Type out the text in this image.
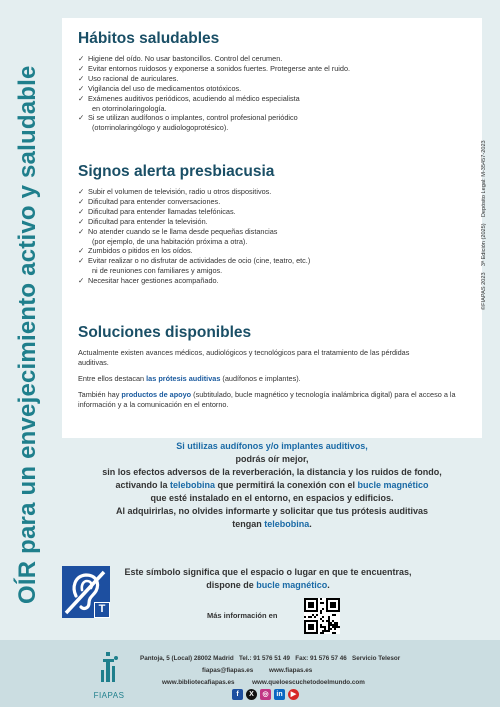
OÍR para un envejecimiento activo y saludable
Hábitos saludables
✓ Higiene del oído. No usar bastoncillos. Control del cerumen.
✓ Evitar entornos ruidosos y exponerse a sonidos fuertes. Protegerse ante el ruido.
✓ Uso racional de auriculares.
✓ Vigilancia del uso de medicamentos ototóxicos.
✓ Exámenes auditivos periódicos, acudiendo al médico especialista
en otorrinolaringología.
✓ Si se utilizan audífonos o implantes, control profesional periódico
(otorrinolaringólogo y audiologoprotésico).
Signos alerta presbiacusia
✓ Subir el volumen de televisión, radio u otros dispositivos.
✓ Dificultad para entender conversaciones.
✓ Dificultad para entender llamadas telefónicas.
✓ Dificultad para entender la televisión.
✓ No atender cuando se le llama desde pequeñas distancias
(por ejemplo, de una habitación próxima a otra).
✓ Zumbidos o pitidos en los oídos.
✓ Evitar realizar o no disfrutar de actividades de ocio (cine, teatro, etc.)
ni de reuniones con familiares y amigos.
✓ Necesitar hacer gestiones acompañado.
Soluciones disponibles

Actualmente existen avances médicos, audiológicos y tecnológicos para el tratamiento de las pérdidas auditivas.

Entre ellos destacan las prótesis auditivas (audífonos e implantes).

También hay productos de apoyo (subtitulado, bucle magnético y tecnología inalámbrica digital) para el acceso a la información y a la comunicación en el entorno.

©FIAPAS 2023    3ª Edición (2025)    Depósito Legal: M-35457-2023
Si utilizas audífonos y/o implantes auditivos,
podrás oír mejor,
sin los efectos adversos de la reverberación, la distancia y los ruidos de fondo,
activando la telebobina que permitirá la conexión con el bucle magnético
que esté instalado en el entorno, en espacios y edificios.
Al adquirirlas, no olvides informarte y solicitar que tus prótesis auditivas
tengan telebobina.
T
Este símbolo significa que el espacio o lugar en que te encuentras,
dispone de bucle magnético.
Más información en
FIAPAS
Pantoja, 5 (Local) 28002 Madrid Tel.: 91 576 51 49 Fax: 91 576 57 46 Servicio Telesor
fiapas@fiapas.es	www.fiapas.es
www.bibliotecafiapas.es	www.queloescuchetodoelmundo.com
f	X	◎	in	▶
